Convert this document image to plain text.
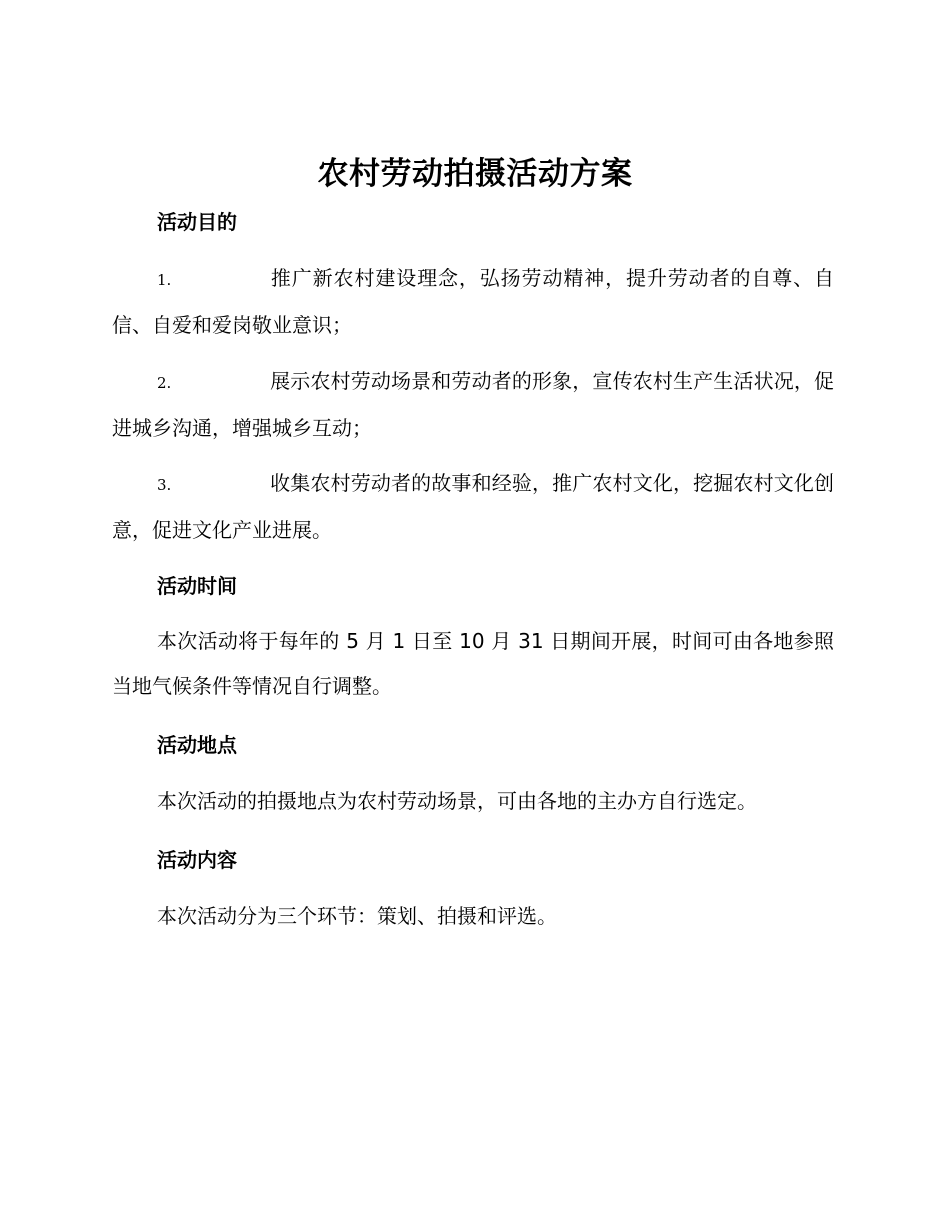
农村劳动拍摄活动方案
活动目的
1.	推广新农村建设理念，弘扬劳动精神，提升劳动者的自尊、自信、自爱和爱岗敬业意识；
2.	展示农村劳动场景和劳动者的形象，宣传农村生产生活状况，促进城乡沟通，增强城乡互动；
3.	收集农村劳动者的故事和经验，推广农村文化，挖掘农村文化创意，促进文化产业进展。
活动时间
本次活动将于每年的 5 月 1 日至 10 月 31 日期间开展，时间可由各地参照当地气候条件等情况自行调整。
活动地点
本次活动的拍摄地点为农村劳动场景，可由各地的主办方自行选定。
活动内容
本次活动分为三个环节：策划、拍摄和评选。
